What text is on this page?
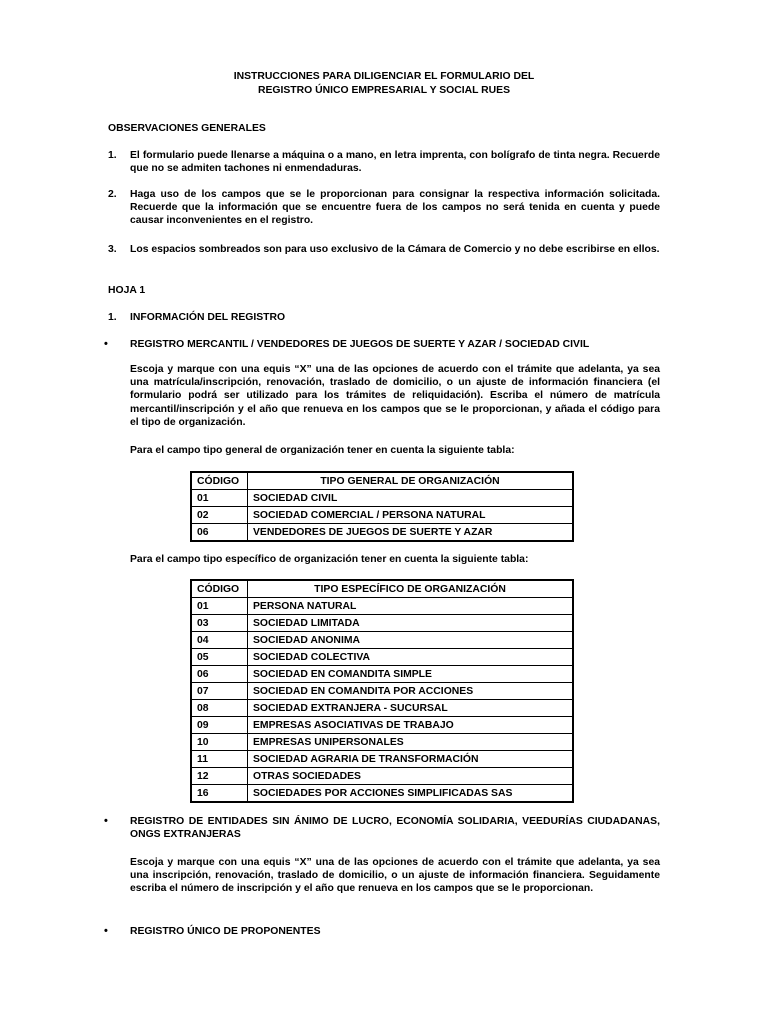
INSTRUCCIONES PARA DILIGENCIAR EL FORMULARIO DEL
REGISTRO ÚNICO EMPRESARIAL Y SOCIAL RUES
OBSERVACIONES GENERALES
1. El formulario puede llenarse a máquina o a mano, en letra imprenta, con bolígrafo de tinta negra. Recuerde que no se admiten tachones ni enmendaduras.
2. Haga uso de los campos que se le proporcionan para consignar la respectiva información solicitada. Recuerde que la información que se encuentre fuera de los campos no será tenida en cuenta y puede causar inconvenientes en el registro.
3. Los espacios sombreados son para uso exclusivo de la Cámara de Comercio y no debe escribirse en ellos.
HOJA 1
1. INFORMACIÓN DEL REGISTRO
• REGISTRO MERCANTIL / VENDEDORES DE JUEGOS DE SUERTE Y AZAR / SOCIEDAD CIVIL
Escoja y marque con una equis “X” una de las opciones de acuerdo con el trámite que adelanta, ya sea una matrícula/inscripción, renovación, traslado de domicilio, o un ajuste de información financiera (el formulario podrá ser utilizado para los trámites de reliquidación). Escriba el número de matrícula mercantil/inscripción y el año que renueva en los campos que se le proporcionan, y añada el código para el tipo de organización.
Para el campo tipo general de organización tener en cuenta la siguiente tabla:
CÓDIGO	TIPO GENERAL DE ORGANIZACIÓN
01	SOCIEDAD CIVIL
02	SOCIEDAD COMERCIAL / PERSONA NATURAL
06	VENDEDORES DE JUEGOS DE SUERTE Y AZAR
Para el campo tipo específico de organización tener en cuenta la siguiente tabla:
CÓDIGO	TIPO ESPECÍFICO DE ORGANIZACIÓN
01	PERSONA NATURAL
03	SOCIEDAD LIMITADA
04	SOCIEDAD ANONIMA
05	SOCIEDAD COLECTIVA
06	SOCIEDAD EN COMANDITA SIMPLE
07	SOCIEDAD EN COMANDITA POR ACCIONES
08	SOCIEDAD EXTRANJERA - SUCURSAL
09	EMPRESAS ASOCIATIVAS DE TRABAJO
10	EMPRESAS UNIPERSONALES
11	SOCIEDAD AGRARIA DE TRANSFORMACIÓN
12	OTRAS SOCIEDADES
16	SOCIEDADES POR ACCIONES SIMPLIFICADAS SAS
• REGISTRO DE ENTIDADES SIN ÁNIMO DE LUCRO, ECONOMÍA SOLIDARIA, VEEDURÍAS CIUDADANAS, ONGS EXTRANJERAS
Escoja y marque con una equis “X” una de las opciones de acuerdo con el trámite que adelanta, ya sea una inscripción, renovación, traslado de domicilio, o un ajuste de información financiera. Seguidamente escriba el número de inscripción y el año que renueva en los campos que se le proporcionan.
• REGISTRO ÚNICO DE PROPONENTES
